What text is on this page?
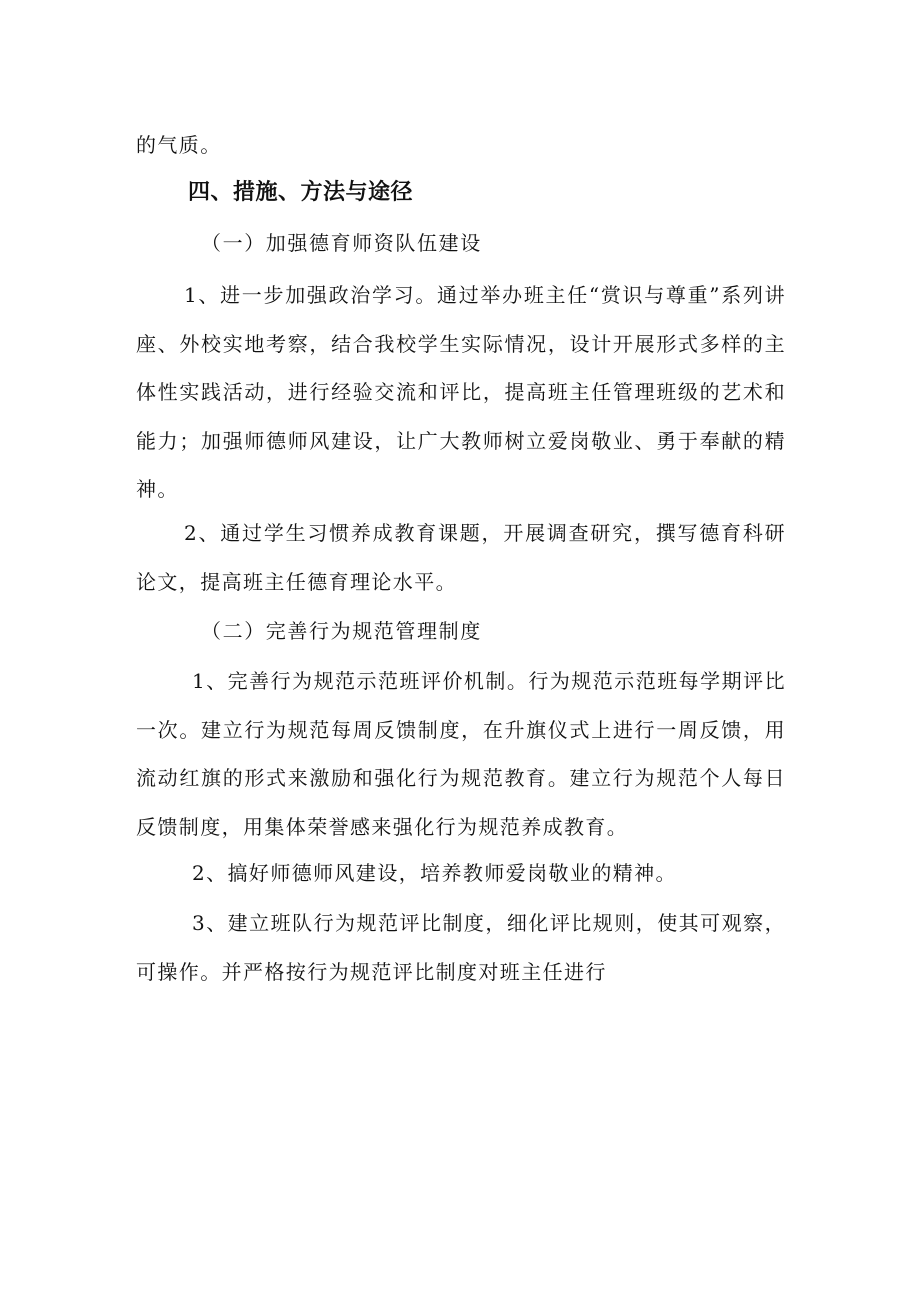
的气质。

四、措施、方法与途径

（一）加强德育师资队伍建设

1、进一步加强政治学习。通过举办班主任“赏识与尊重”系列讲座、外校实地考察，结合我校学生实际情况，设计开展形式多样的主体性实践活动，进行经验交流和评比，提高班主任管理班级的艺术和能力；加强师德师风建设，让广大教师树立爱岗敬业、勇于奉献的精神。

2、通过学生习惯养成教育课题，开展调查研究，撰写德育科研论文，提高班主任德育理论水平。

（二）完善行为规范管理制度

1、完善行为规范示范班评价机制。行为规范示范班每学期评比一次。建立行为规范每周反馈制度，在升旗仪式上进行一周反馈，用流动红旗的形式来激励和强化行为规范教育。建立行为规范个人每日反馈制度，用集体荣誉感来强化行为规范养成教育。

2、搞好师德师风建设，培养教师爱岗敬业的精神。

3、建立班队行为规范评比制度，细化评比规则，使其可观察，可操作。并严格按行为规范评比制度对班主任进行
